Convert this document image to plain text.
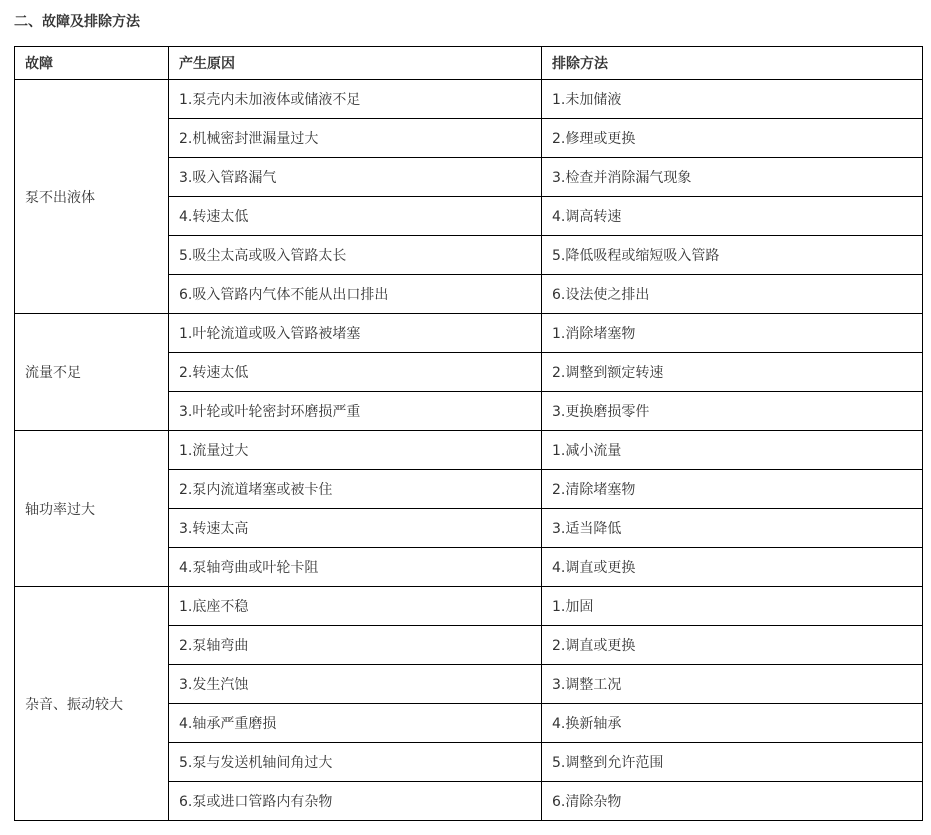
二、故障及排除方法
故障	产生原因	排除方法
泵不出液体	1.泵壳内未加液体或储液不足	1.未加储液
	2.机械密封泄漏量过大	2.修理或更换
	3.吸入管路漏气	3.检查并消除漏气现象
	4.转速太低	4.调高转速
	5.吸尘太高或吸入管路太长	5.降低吸程或缩短吸入管路
	6.吸入管路内气体不能从出口排出	6.设法使之排出
流量不足	1.叶轮流道或吸入管路被堵塞	1.消除堵塞物
	2.转速太低	2.调整到额定转速
	3.叶轮或叶轮密封环磨损严重	3.更换磨损零件
轴功率过大	1.流量过大	1.减小流量
	2.泵内流道堵塞或被卡住	2.清除堵塞物
	3.转速太高	3.适当降低
	4.泵轴弯曲或叶轮卡阻	4.调直或更换
杂音、振动较大	1.底座不稳	1.加固
	2.泵轴弯曲	2.调直或更换
	3.发生汽蚀	3.调整工况
	4.轴承严重磨损	4.换新轴承
	5.泵与发送机轴间角过大	5.调整到允许范围
	6.泵或进口管路内有杂物	6.清除杂物
